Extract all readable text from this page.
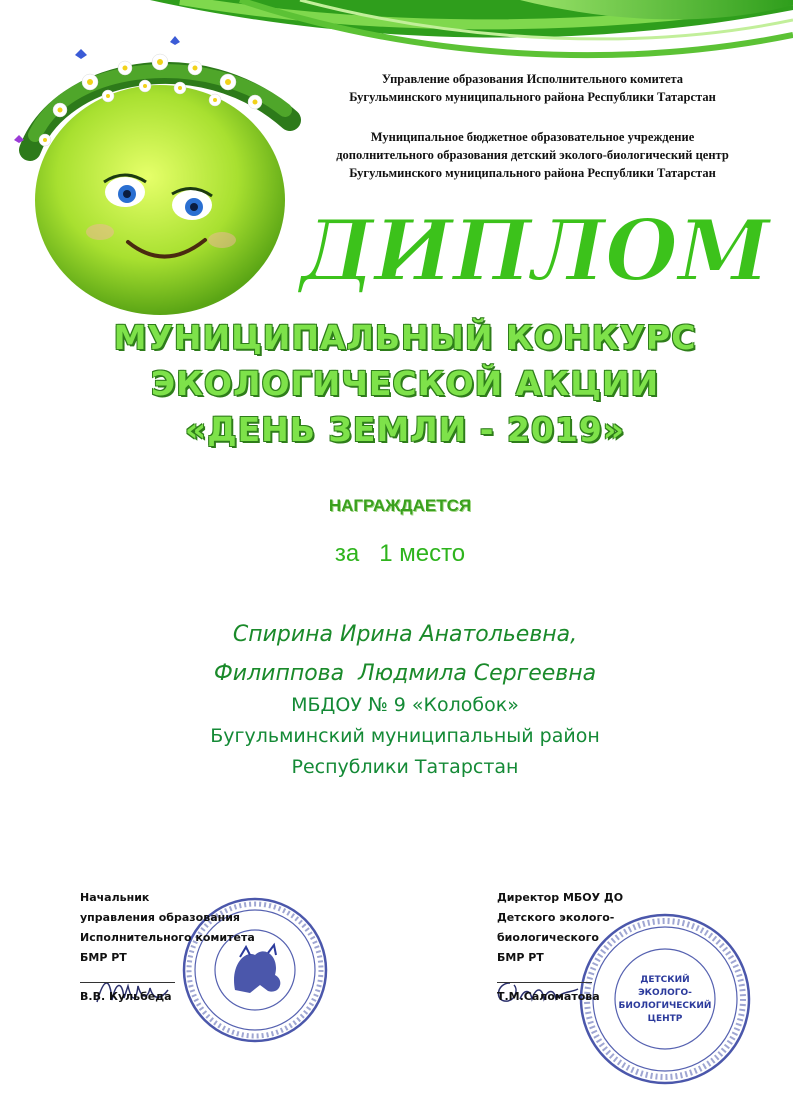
Управление образования Исполнительного комитета
Бугульминского муниципального района Республики Татарстан
Муниципальное бюджетное образовательное учреждение
дополнительного образования детский эколого-биологический центр
Бугульминского муниципального района Республики Татарстан
ДИПЛОМ
МУНИЦИПАЛЬНЫЙ КОНКУРС
ЭКОЛОГИЧЕСКОЙ АКЦИИ
«ДЕНЬ ЗЕМЛИ - 2019»
НАГРАЖДАЕТСЯ
за   1 место
Спирина Ирина Анатольевна,
Филиппова  Людмила Сергеевна
МБДОУ № 9 «Колобок»
Бугульминский муниципальный район
Республики Татарстан
ДЕТСКИЙ
ЭКОЛОГО-
БИОЛОГИЧЕСКИЙ
ЦЕНТР
Начальник
управления образования
Исполнительного комитета
БМР РТ
В.В. Кульбеда
Директор МБОУ ДО
Детского эколого-
биологического
БМР РТ
Т.М.Саломатова
